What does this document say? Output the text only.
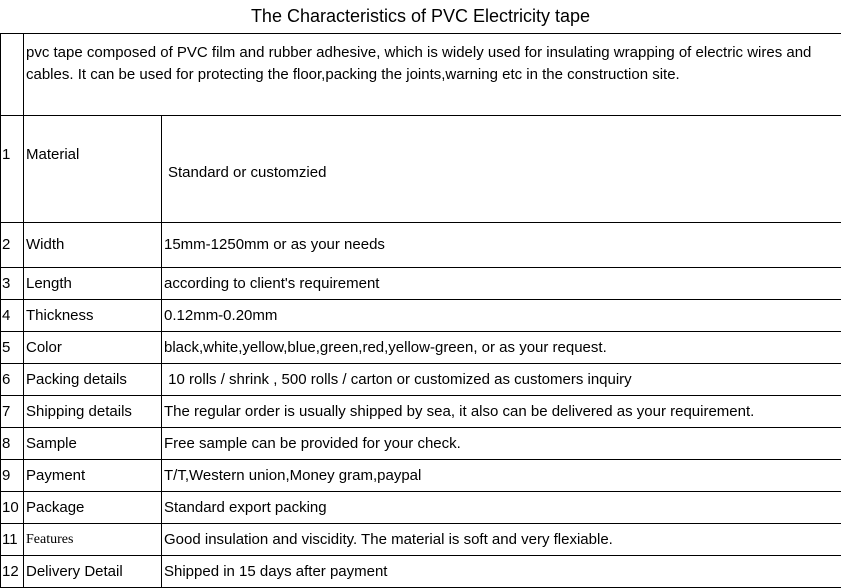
The Characteristics of PVC Electricity tape
	pvc tape composed of PVC film and rubber adhesive, which is widely used for insulating wrapping of electric wires and cables. It can be used for protecting the floor,packing the joints,warning etc in the construction site.	
1	Material	Standard or customzied
2	Width	15mm-1250mm or as your needs
3	Length	according to client's requirement
4	Thickness	0.12mm-0.20mm
5	Color	black,white,yellow,blue,green,red,yellow-green, or as your request.
6	Packing details	10 rolls / shrink , 500 rolls / carton or customized as customers inquiry
7	Shipping details	The regular order is usually shipped by sea, it also can be delivered as your requirement.
8	Sample	Free sample can be provided for your check.
9	Payment	T/T,Western union,Money gram,paypal
10	Package	Standard export packing
11	Features	Good insulation and viscidity. The material is soft and very flexiable.
12	Delivery Detail	Shipped in 15 days after payment
